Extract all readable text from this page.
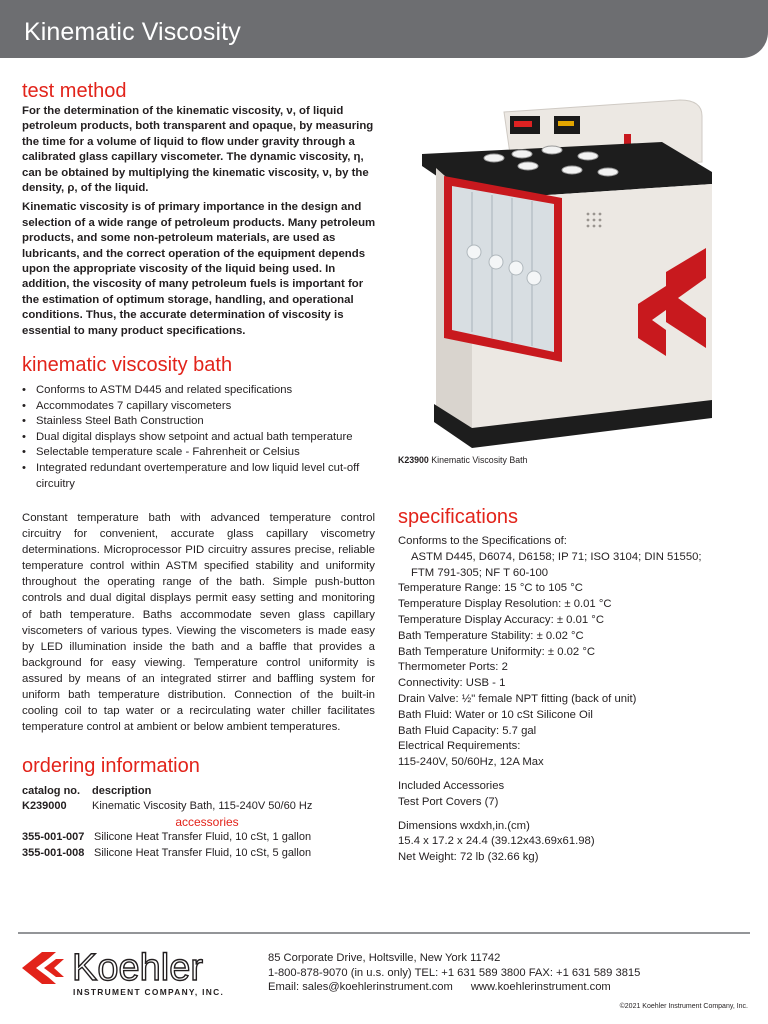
Kinematic Viscosity
test method

For the determination of the kinematic viscosity, ν, of liquid petroleum products, both transparent and opaque, by measuring the time for a volume of liquid to flow under gravity through a calibrated glass capillary viscometer. The dynamic viscosity, η, can be obtained by multiplying the kinematic viscosity, ν, by the density, ρ, of the liquid.

Kinematic viscosity is of primary importance in the design and selection of a wide range of petroleum products. Many petroleum products, and some non-petroleum materials, are used as lubricants, and the correct operation of the equipment depends upon the appropriate viscosity of the liquid being used. In addition, the viscosity of many petroleum fuels is important for the estimation of optimum storage, handling, and operational conditions. Thus, the accurate determination of viscosity is essential to many product specifications.

kinematic viscosity bath
• Conforms to ASTM D445 and related specifications
• Accommodates 7 capillary viscometers
• Stainless Steel Bath Construction
• Dual digital displays show setpoint and actual bath temperature
• Selectable temperature scale - Fahrenheit or Celsius
• Integrated redundant overtemperature and low liquid level cut-off circuitry

Constant temperature bath with advanced temperature control circuitry for convenient, accurate glass capillary viscometry determinations. Microprocessor PID circuitry assures precise, reliable temperature control within ASTM specified stability and uniformity throughout the operating range of the bath. Simple push-button controls and dual digital displays permit easy setting and monitoring of bath temperature. Baths accommodate seven glass capillary viscometers of various types. Viewing the viscometers is made easy by LED illumination inside the bath and a baffle that provides a background for easy viewing. Temperature control uniformity is assured by means of an integrated stirrer and baffling system for uniform bath temperature distribution. Connection of the built-in cooling coil to tap water or a recirculating water chiller facilitates temperature control at ambient or below ambient temperatures.

ordering information
catalog no.	description
K239000	Kinematic Viscosity Bath, 115-240V 50/60 Hz
accessories
355-001-007 Silicone Heat Transfer Fluid, 10 cSt, 1 gallon
355-001-008 Silicone Heat Transfer Fluid, 10 cSt, 5 gallon
K23900 Kinematic Viscosity Bath
specifications
Conforms to the Specifications of:
ASTM D445, D6074, D6158; IP 71; ISO 3104; DIN 51550;
FTM 791-305; NF T 60-100
Temperature Range: 15 °C to 105 °C
Temperature Display Resolution: ± 0.01 °C
Temperature Display Accuracy: ± 0.01 °C
Bath Temperature Stability: ± 0.02 °C
Bath Temperature Uniformity: ± 0.02 °C
Thermometer Ports: 2
Connectivity: USB - 1
Drain Valve: ½" female NPT fitting (back of unit)
Bath Fluid: Water or 10 cSt Silicone Oil
Bath Fluid Capacity: 5.7 gal
Electrical Requirements:
115-240V, 50/60Hz, 12A Max
Included Accessories
Test Port Covers (7)
Dimensions wxdxh,in.(cm)
15.4 x 17.2 x 24.4 (39.12x43.69x61.98)
Net Weight: 72 lb (32.66 kg)
Koehler
INSTRUMENT COMPANY, INC.
85 Corporate Drive, Holtsville, New York 11742
1-800-878-9070 (in u.s. only) TEL: +1 631 589 3800 FAX: +1 631 589 3815
Email: sales@koehlerinstrument.com www.koehlerinstrument.com
©2021 Koehler Instrument Company, Inc.
